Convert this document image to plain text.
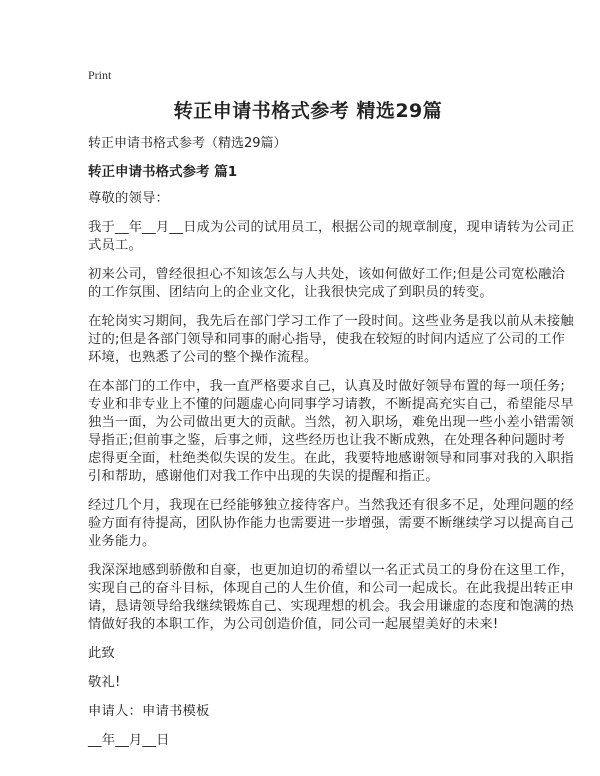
Print
转正申请书格式参考 精选29篇
转正申请书格式参考（精选29篇）
转正申请书格式参考 篇1
尊敬的领导：
我于__年__月__日成为公司的试用员工，根据公司的规章制度，现申请转为公司正
式员工。
初来公司，曾经很担心不知该怎么与人共处，该如何做好工作;但是公司宽松融洽
的工作氛围、团结向上的企业文化，让我很快完成了到职员的转变。
在轮岗实习期间，我先后在部门学习工作了一段时间。这些业务是我以前从未接触
过的;但是各部门领导和同事的耐心指导，使我在较短的时间内适应了公司的工作
环境，也熟悉了公司的整个操作流程。
在本部门的工作中，我一直严格要求自己，认真及时做好领导布置的每一项任务;
专业和非专业上不懂的问题虚心向同事学习请教，不断提高充实自己，希望能尽早
独当一面，为公司做出更大的贡献。当然，初入职场，难免出现一些小差小错需领
导指正;但前事之鉴，后事之师，这些经历也让我不断成熟，在处理各种问题时考
虑得更全面，杜绝类似失误的发生。在此，我要特地感谢领导和同事对我的入职指
引和帮助，感谢他们对我工作中出现的失误的提醒和指正。
经过几个月，我现在已经能够独立接待客户。当然我还有很多不足，处理问题的经
验方面有待提高，团队协作能力也需要进一步增强，需要不断继续学习以提高自己
业务能力。
我深深地感到骄傲和自豪，也更加迫切的希望以一名正式员工的身份在这里工作，
实现自己的奋斗目标，体现自己的人生价值，和公司一起成长。在此我提出转正申
请，恳请领导给我继续锻炼自己、实现理想的机会。我会用谦虚的态度和饱满的热
情做好我的本职工作，为公司创造价值，同公司一起展望美好的未来!
此致
敬礼!
申请人：申请书模板
__年__月__日
